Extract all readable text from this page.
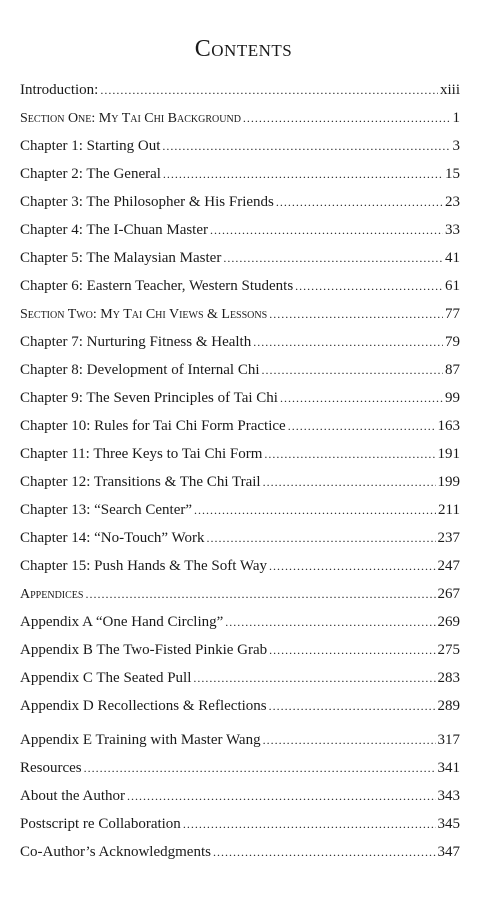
Contents
Introduction: .....	xiii
Section One: My Tai Chi Background .....	1
Chapter 1: Starting Out .....	3
Chapter 2: The General .....	15
Chapter 3: The Philosopher & His Friends .....	23
Chapter 4: The I-Chuan Master .....	33
Chapter 5: The Malaysian Master .....	41
Chapter 6: Eastern Teacher, Western Students .....	61
Section Two: My Tai Chi Views & Lessons .....	77
Chapter 7: Nurturing Fitness & Health .....	79
Chapter 8: Development of Internal Chi .....	87
Chapter 9: The Seven Principles of Tai Chi .....	99
Chapter 10: Rules for Tai Chi Form Practice .....	163
Chapter 11: Three Keys to Tai Chi Form .....	191
Chapter 12: Transitions & The Chi Trail .....	199
Chapter 13: “Search Center” .....	211
Chapter 14: “No-Touch” Work .....	237
Chapter 15: Push Hands & The Soft Way .....	247
Appendices .....	267
Appendix A “One Hand Circling” .....	269
Appendix B The Two-Fisted Pinkie Grab .....	275
Appendix C The Seated Pull .....	283
Appendix D Recollections & Reflections .....	289
Appendix E Training with Master Wang .....	317
Resources .....	341
About the Author .....	343
Postscript re Collaboration .....	345
Co-Author’s Acknowledgments .....	347
